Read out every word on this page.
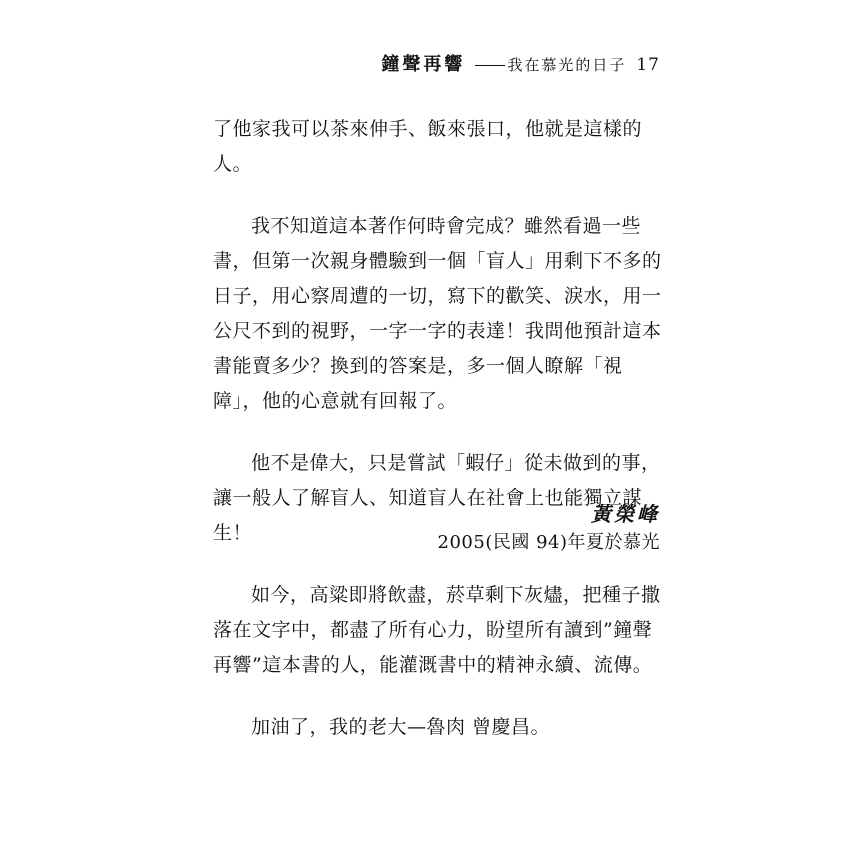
鐘聲再響	我在慕光的日子 17

了他家我可以茶來伸手、飯來張口，他就是這樣的人。

我不知道這本著作何時會完成？雖然看過一些書，但第一次親身體驗到一個「盲人」用剩下不多的日子，用心察周遭的一切，寫下的歡笑、淚水，用一公尺不到的視野，一字一字的表達！我問他預計這本書能賣多少？換到的答案是，多一個人瞭解「視障」，他的心意就有回報了。

他不是偉大，只是嘗試「蝦仔」從未做到的事，讓一般人了解盲人、知道盲人在社會上也能獨立謀生！

如今，高粱即將飲盡，菸草剩下灰燼，把種子撒落在文字中，都盡了所有心力，盼望所有讀到”鐘聲再響”這本書的人，能灌溉書中的精神永續、流傳。

加油了，我的老大—魯肉 曾慶昌。

黃榮峰
2005(民國 94)年夏於慕光
